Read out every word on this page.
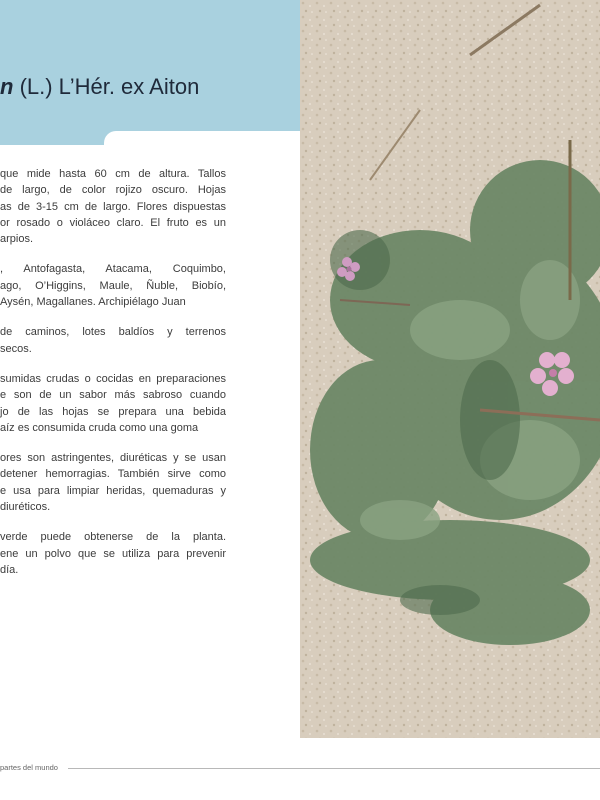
n (L.) L’Hér. ex Aiton

que mide hasta 60 cm de altura. Tallos
de largo, de color rojizo oscuro. Hojas
as de 3-15 cm de largo. Flores dispuestas
or rosado o violáceo claro. El fruto es un
arpios.

, Antofagasta, Atacama, Coquimbo,
ago, O’Higgins, Maule, Ñuble, Biobío,
Aysén, Magallanes. Archipiélago Juan

de caminos, lotes baldíos y terrenos
secos.

sumidas crudas o cocidas en preparaciones
e son de un sabor más sabroso cuando
jo de las hojas se prepara una bebida
aíz es consumida cruda como una goma

ores son astringentes, diuréticas y se usan
detener hemorragias. También sirve como
e usa para limpiar heridas, quemaduras y
diuréticos.

verde puede obtenerse de la planta.
ene un polvo que se utiliza para prevenir
día.

partes del mundo
